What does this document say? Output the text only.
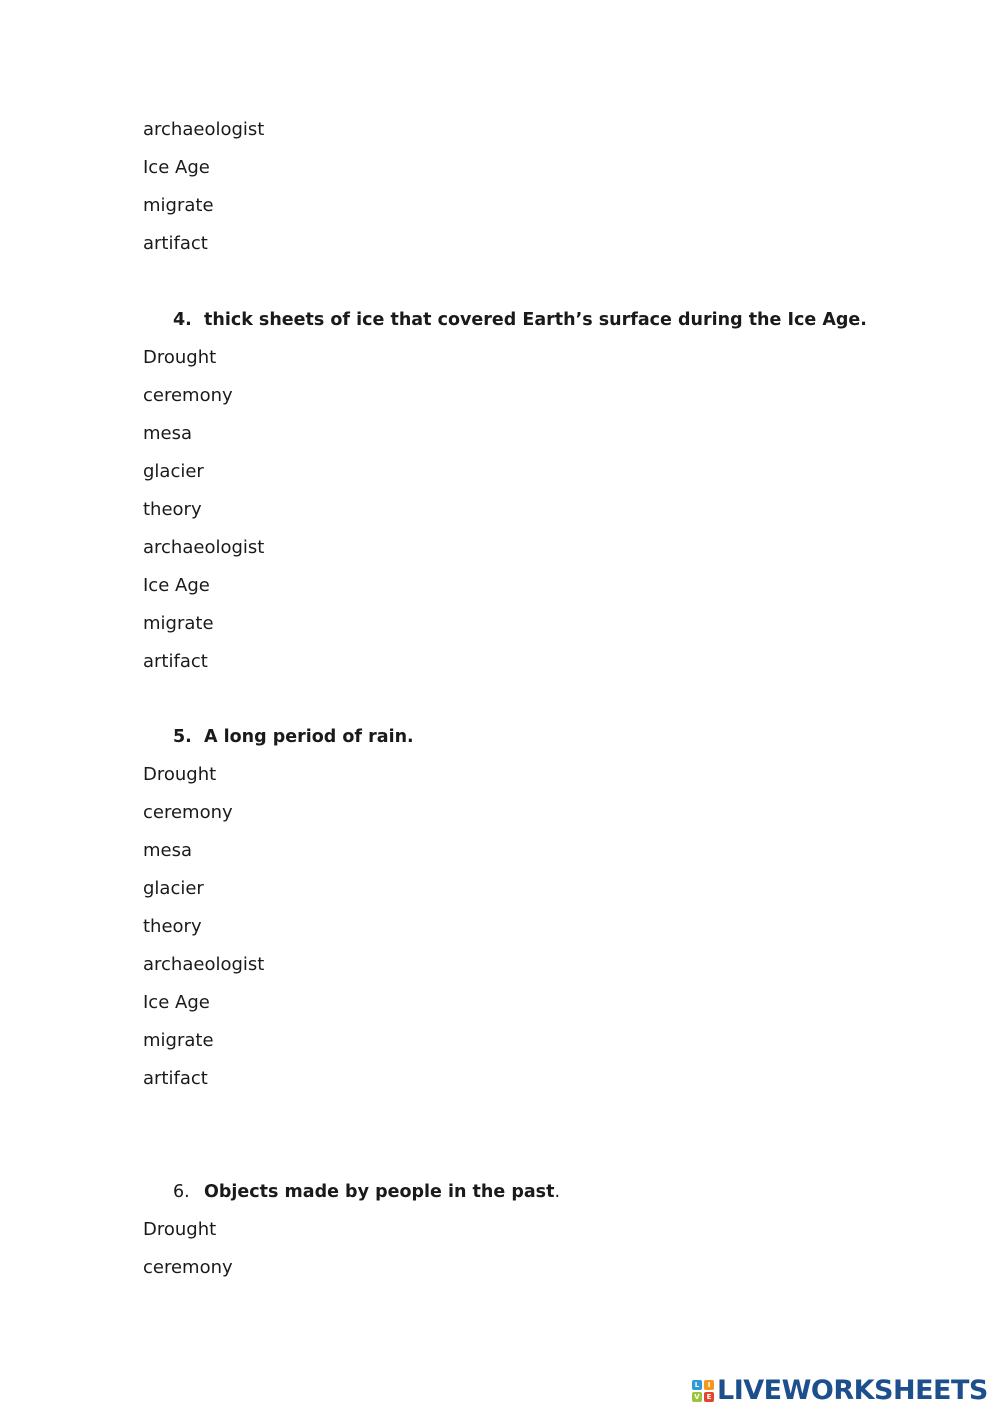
archaeologist
Ice Age
migrate
artifact
4. thick sheets of ice that covered Earth’s surface during the Ice Age.
Drought
ceremony
mesa
glacier
theory
archaeologist
Ice Age
migrate
artifact
5. A long period of rain.
Drought
ceremony
mesa
glacier
theory
archaeologist
Ice Age
migrate
artifact
6. Objects made by people in the past.
Drought
ceremony
L	I
V E LIVEWORKSHEETS
